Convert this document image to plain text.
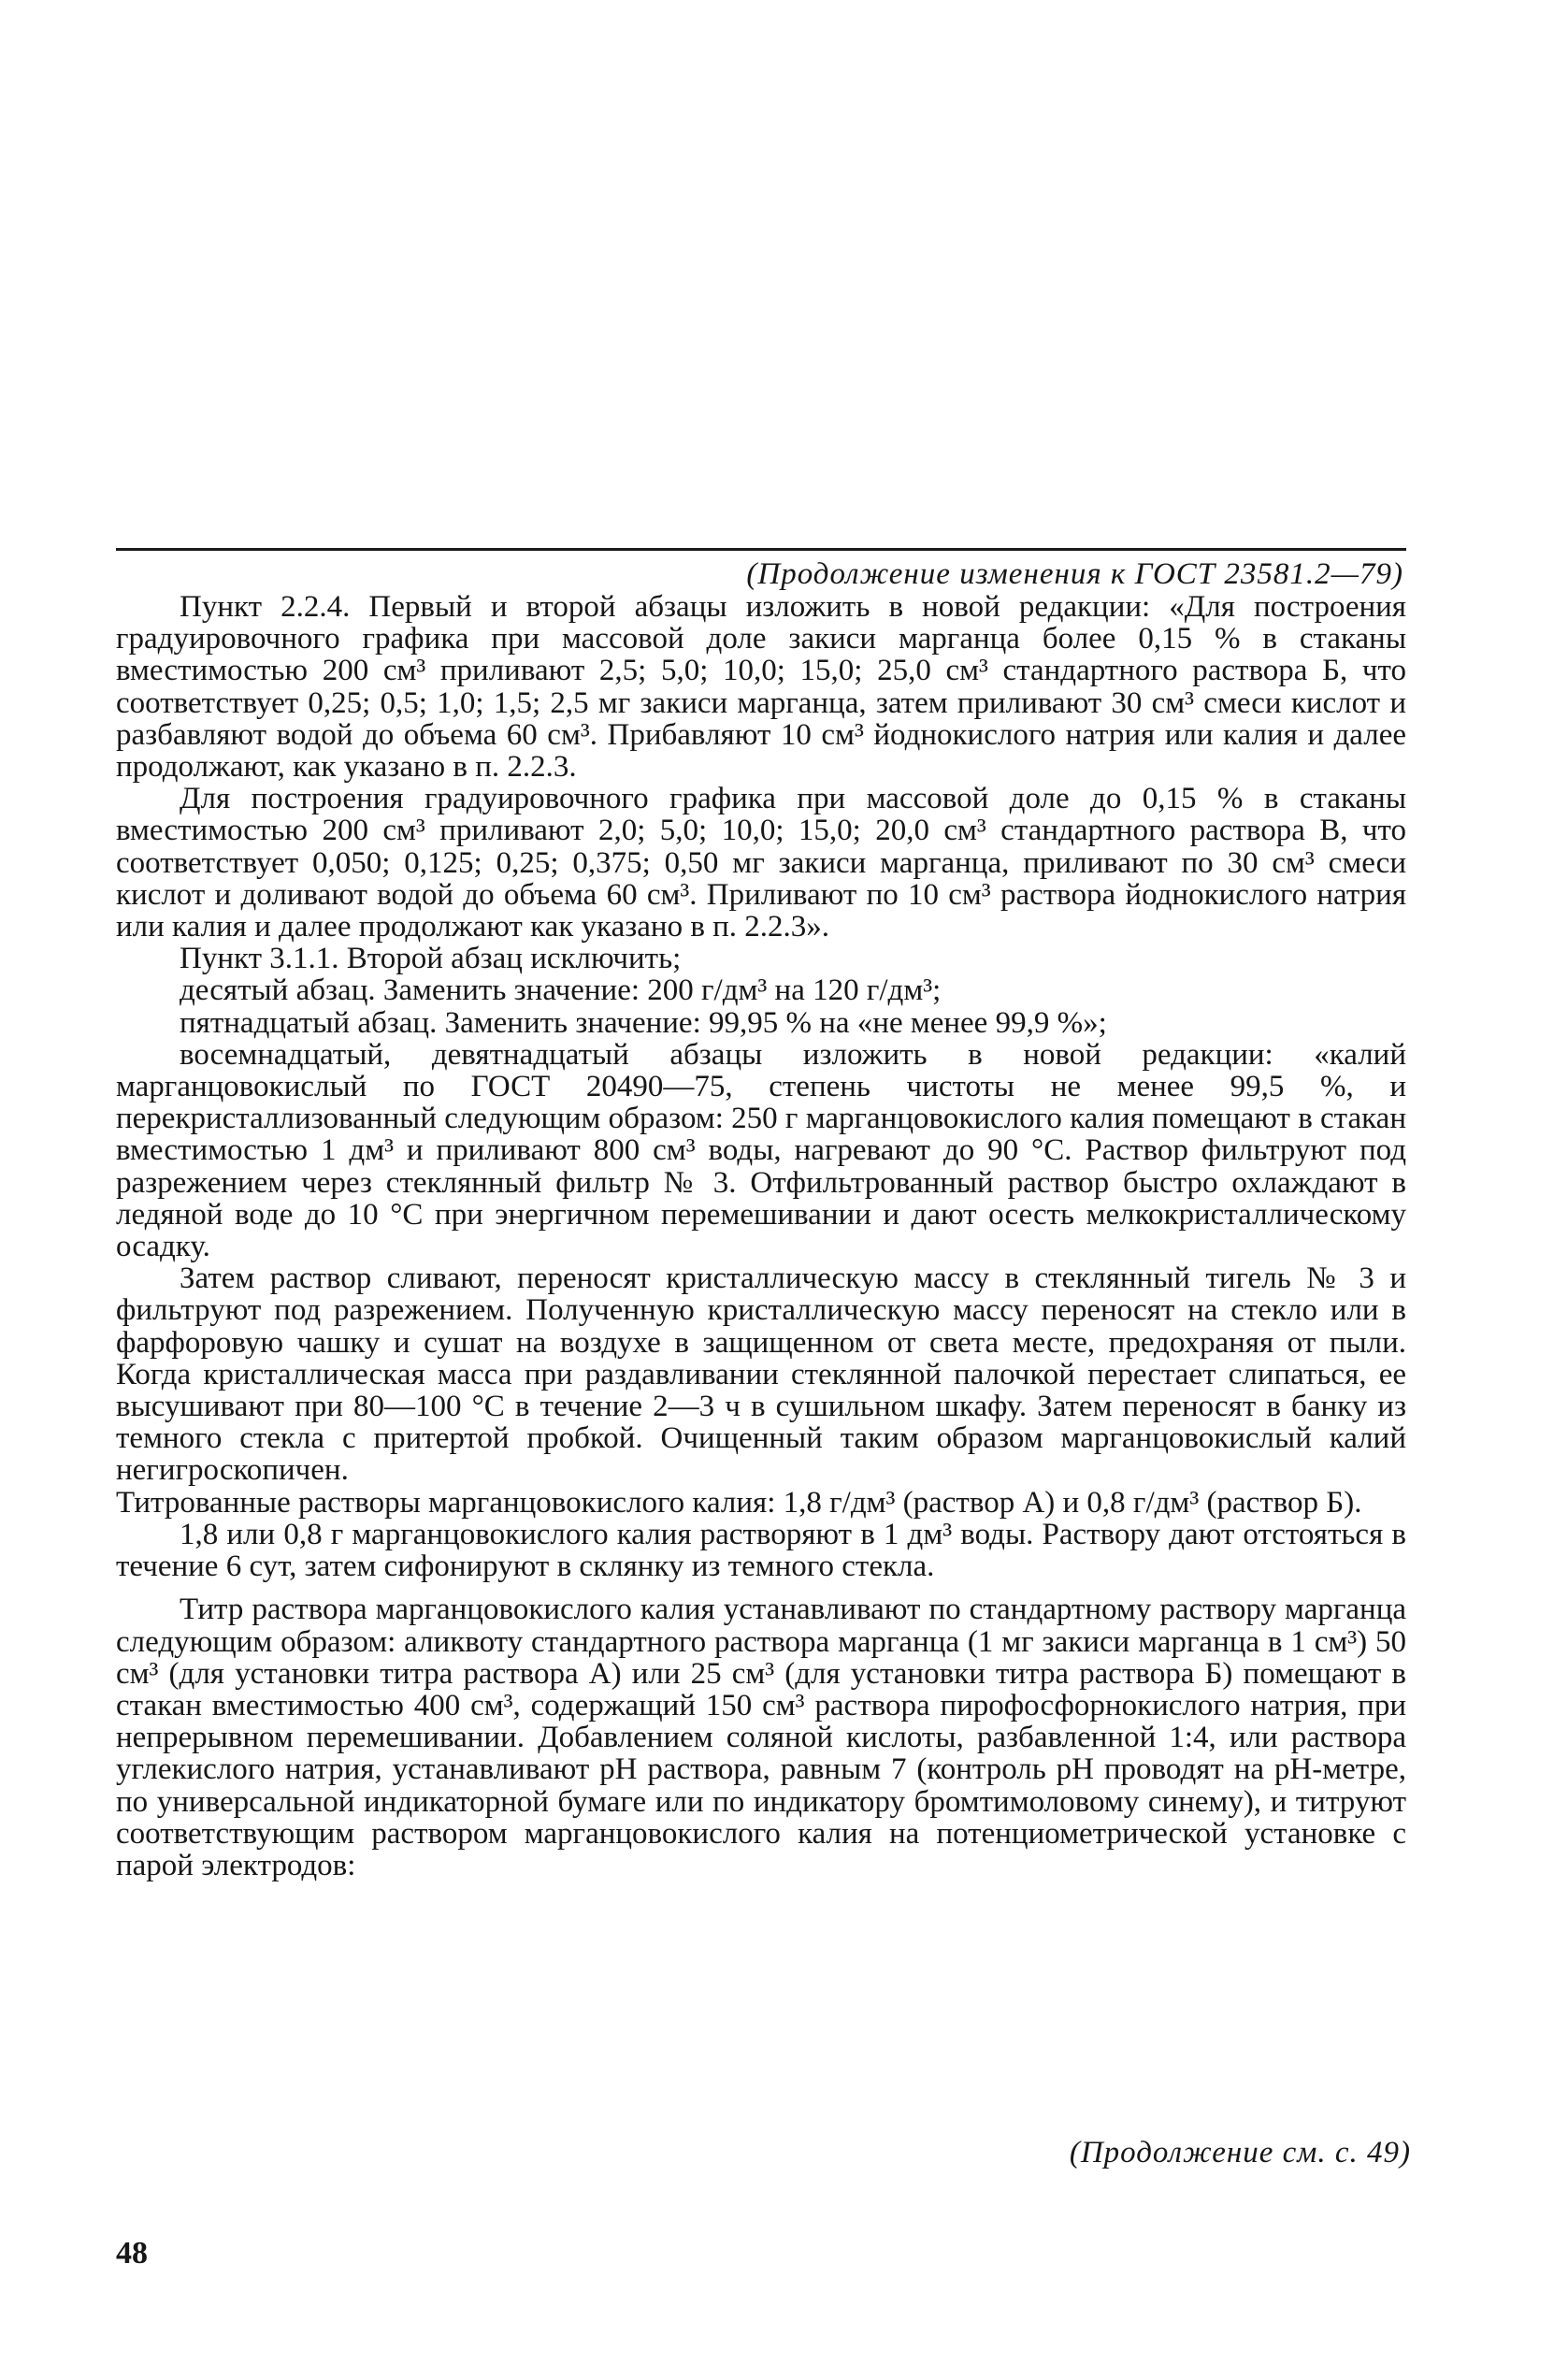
(Продолжение изменения к ГОСТ 23581.2—79)

Пункт 2.2.4. Первый и второй абзацы изложить в новой редакции: «Для построения градуировочного графика при массовой доле закиси марганца более 0,15 % в стаканы вместимостью 200 см³ приливают 2,5; 5,0; 10,0; 15,0; 25,0 см³ стандартного раствора Б, что соответствует 0,25; 0,5; 1,0; 1,5; 2,5 мг закиси марганца, затем приливают 30 см³ смеси кислот и разбавляют водой до объема 60 см³. Прибавляют 10 см³ йоднокислого натрия или калия и далее продолжают, как указано в п. 2.2.3.

Для построения градуировочного графика при массовой доле до 0,15 % в стаканы вместимостью 200 см³ приливают 2,0; 5,0; 10,0; 15,0; 20,0 см³ стандартного раствора В, что соответствует 0,050; 0,125; 0,25; 0,375; 0,50 мг закиси марганца, приливают по 30 см³ смеси кислот и доливают водой до объема 60 см³. Приливают по 10 см³ раствора йоднокислого натрия или калия и далее продолжают как указано в п. 2.2.3».

Пункт 3.1.1. Второй абзац исключить;

десятый абзац. Заменить значение: 200 г/дм³ на 120 г/дм³;

пятнадцатый абзац. Заменить значение: 99,95 % на «не менее 99,9 %»;

восемнадцатый, девятнадцатый абзацы изложить в новой редакции: «калий марганцовокислый по ГОСТ 20490—75, степень чистоты не менее 99,5 %, и перекристаллизованный следующим образом: 250 г марганцовокислого калия помещают в стакан вместимостью 1 дм³ и приливают 800 см³ воды, нагревают до 90 °С. Раствор фильтруют под разрежением через стеклянный фильтр № 3. Отфильтрованный раствор быстро охлаждают в ледяной воде до 10 °С при энергичном перемешивании и дают осесть мелкокристаллическому осадку.

Затем раствор сливают, переносят кристаллическую массу в стеклянный тигель № 3 и фильтруют под разрежением. Полученную кристаллическую массу переносят на стекло или в фарфоровую чашку и сушат на воздухе в защищенном от света месте, предохраняя от пыли. Когда кристаллическая масса при раздавливании стеклянной палочкой перестает слипаться, ее высушивают при 80—100 °С в течение 2—3 ч в сушильном шкафу. Затем переносят в банку из темного стекла с притертой пробкой. Очищенный таким образом марганцовокислый калий негигроскопичен.

Титрованные растворы марганцовокислого калия: 1,8 г/дм³ (раствор А) и 0,8 г/дм³ (раствор Б).

1,8 или 0,8 г марганцовокислого калия растворяют в 1 дм³ воды. Раствору дают отстояться в течение 6 сут, затем сифонируют в склянку из темного стекла.

Титр раствора марганцовокислого калия устанавливают по стандартному раствору марганца следующим образом: аликвоту стандартного раствора марганца (1 мг закиси марганца в 1 см³) 50 см³ (для установки титра раствора А) или 25 см³ (для установки титра раствора Б) помещают в стакан вместимостью 400 см³, содержащий 150 см³ раствора пирофосфорнокислого натрия, при непрерывном перемешивании. Добавлением соляной кислоты, разбавленной 1:4, или раствора углекислого натрия, устанавливают pH раствора, равным 7 (контроль pH проводят на pH-метре, по универсальной индикаторной бумаге или по индикатору бромтимоловому синему), и титруют соответствующим раствором марганцовокислого калия на потенциометрической установке с парой электродов:

(Продолжение см. с. 49)
48
